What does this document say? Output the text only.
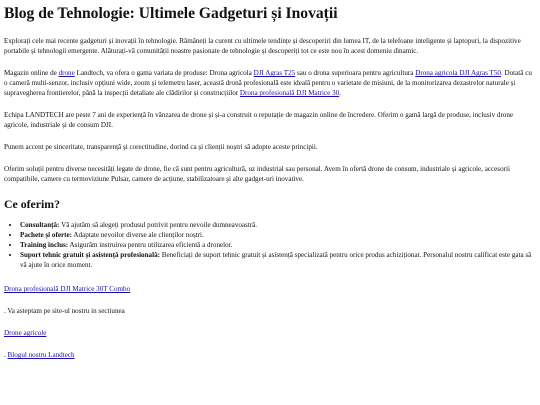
Blog de Tehnologie: Ultimele Gadgeturi și Inovații

Explorați cele mai recente gadgeturi și inovații în tehnologie. Rămâneți la curent cu ultimele tendințe și descoperiri din lumea IT, de la telefoane inteligente și laptopuri, la dispozitive portabile și tehnologii emergente. Alăturați-vă comunității noastre pasionate de tehnologie și descoperiți tot ce este nou în acest domeniu dinamic.

Magazin online de drone Landtech, va ofera o gama variata de produse: Drona agricola DJI Agras T25 sau o drona superioara pentru agricultura Drona agricola DJI Agras T50. Dotată cu o cameră multi-senzor, inclusiv opțiuni wide, zoom și telemetru laser, această dronă profesională este ideală pentru o varietate de misiuni, de la monitorizarea dezastrelor naturale și supravegherea frontierelor, până la inspecții detaliate ale clădirilor și construcțiilor Drona profesională DJI Matrice 30.

Echipa LANDTECH are peste 7 ani de experiență în vânzarea de drone și și-a construit o reputație de magazin online de încredere. Oferim o gamă largă de produse, inclusiv drone agricole, industriale și de consum DJI.

Punem accent pe sinceritate, transparență și corectitudine, dorind ca și clienții noștri să adopte aceste principii.

Oferim soluții pentru diverse necesități legate de drone, fie că sunt pentru agricultură, uz industrial sau personal. Avem în ofertă drone de consum, industriale și agricole, accesorii compatibile, camere cu termoviziune Pulsar, camere de acțiune, stabilizatoare și alte gadget-uri inovative.

Ce oferim?
• Consultanță: Vă ajutăm să alegeți produsul potrivit pentru nevoile dumneavoastră.
• Pachete și oferte: Adaptate nevoilor diverse ale clienților noștri.
• Training inclus: Asigurăm instruirea pentru utilizarea eficientă a dronelor.
• Suport tehnic gratuit și asistență profesională: Beneficiați de suport tehnic gratuit și asistență specializată pentru orice produs achiziționat. Personalul nostru calificat este gata să vă ajute în orice moment.

Drona profesională DJI Matrice 30T Combo

. Va asteptam pe site-ul nostru in sectiunea

Drone agricole

. Blogul nostru Landtech
